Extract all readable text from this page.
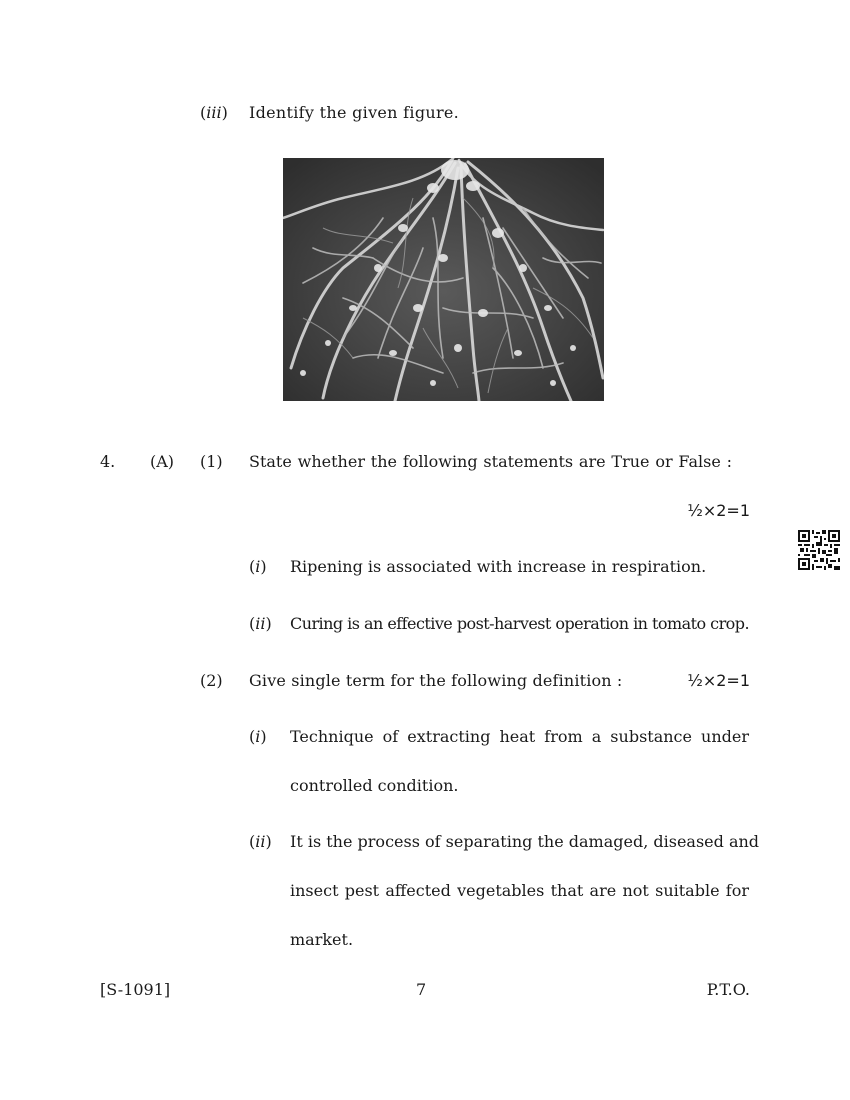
(iii) Identify the given figure.
4. (A) (1) State whether the following statements are True or False :
½×2=1
(i) Ripening is associated with increase in respiration.
(ii) Curing is an effective post-harvest operation in tomato crop.
(2) Give single term for the following definition :	½×2=1
(i) Technique of extracting heat from a substance under
controlled condition.
(ii) It is the process of separating the damaged, diseased and
insect pest affected vegetables that are not suitable for
market.
[S-1091]	7	P.T.O.
